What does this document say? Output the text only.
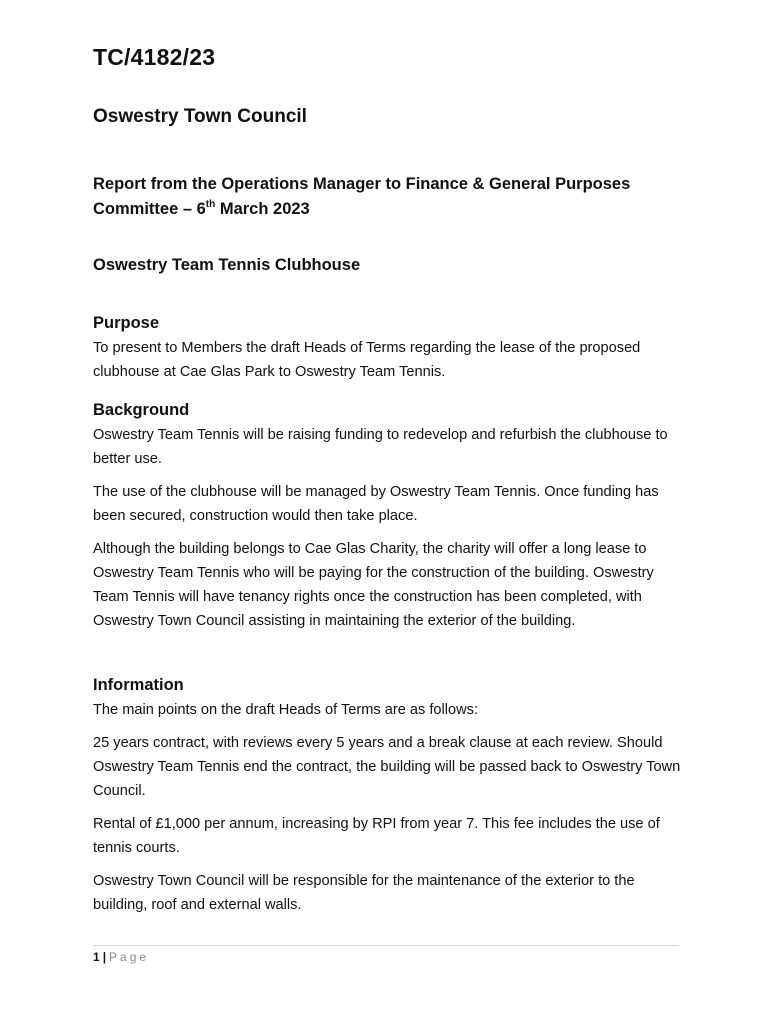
TC/4182/23
Oswestry Town Council
Report from the Operations Manager to Finance & General Purposes Committee – 6th March 2023
Oswestry Team Tennis Clubhouse
Purpose

To present to Members the draft Heads of Terms regarding the lease of the proposed clubhouse at Cae Glas Park to Oswestry Team Tennis.

Background

Oswestry Team Tennis will be raising funding to redevelop and refurbish the clubhouse to better use.

The use of the clubhouse will be managed by Oswestry Team Tennis. Once funding has been secured, construction would then take place.

Although the building belongs to Cae Glas Charity, the charity will offer a long lease to Oswestry Team Tennis who will be paying for the construction of the building. Oswestry Team Tennis will have tenancy rights once the construction has been completed, with Oswestry Town Council assisting in maintaining the exterior of the building.

Information

The main points on the draft Heads of Terms are as follows:

25 years contract, with reviews every 5 years and a break clause at each review. Should Oswestry Team Tennis end the contract, the building will be passed back to Oswestry Town Council.

Rental of £1,000 per annum, increasing by RPI from year 7. This fee includes the use of tennis courts.

Oswestry Town Council will be responsible for the maintenance of the exterior to the building, roof and external walls.

1 | Page
